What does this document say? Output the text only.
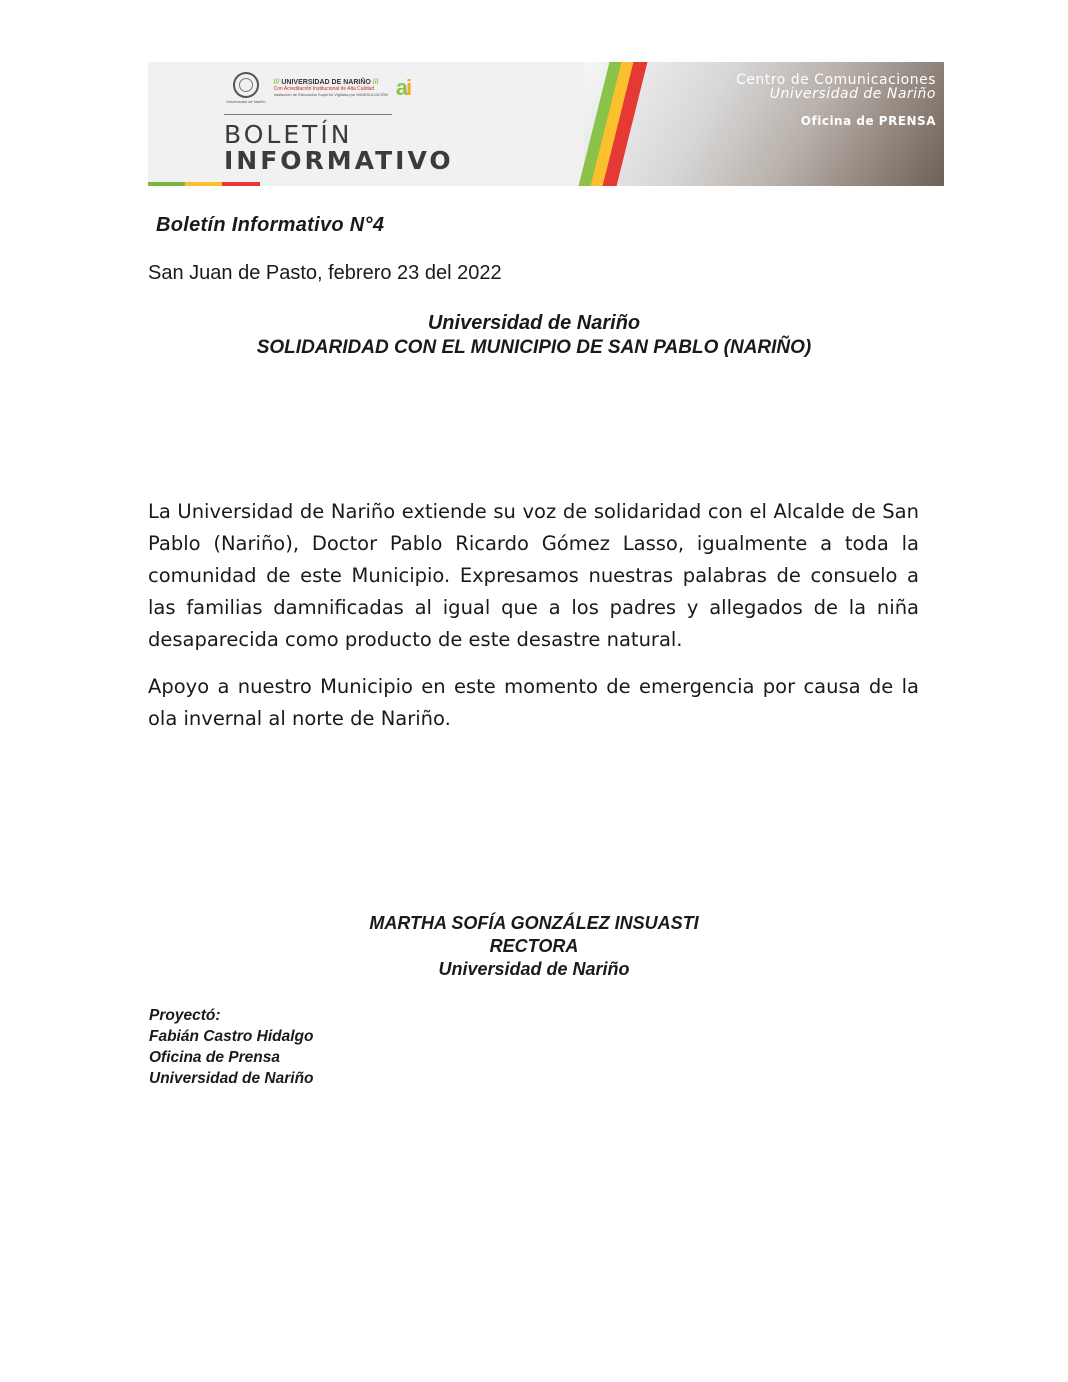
Universidad de Nariño
/// UNIVERSIDAD DE NARIÑO ///
Con Acreditación Institucional de Alta Calidad
Institución de Educación Superior Vigilada por MINEDUCACIÓN ai
BOLETÍN
INFORMATIVO
Centro de Comunicaciones
Universidad de Nariño
Oficina de PRENSA
Boletín Informativo N°4
San Juan de Pasto, febrero 23 del 2022
Universidad de Nariño
SOLIDARIDAD CON EL MUNICIPIO DE SAN PABLO (NARIÑO)

La Universidad de Nariño extiende su voz de solidaridad con el Alcalde de San Pablo (Nariño), Doctor Pablo Ricardo Gómez Lasso, igualmente a toda la comunidad de este Municipio. Expresamos nuestras palabras de consuelo a las familias damnificadas al igual que a los padres y allegados de la niña desaparecida como producto de este desastre natural.

Apoyo a nuestro Municipio en este momento de emergencia por causa de la ola invernal al norte de Nariño.

MARTHA SOFÍA GONZÁLEZ INSUASTI
RECTORA
Universidad de Nariño
Proyectó:
Fabián Castro Hidalgo
Oficina de Prensa
Universidad de Nariño
